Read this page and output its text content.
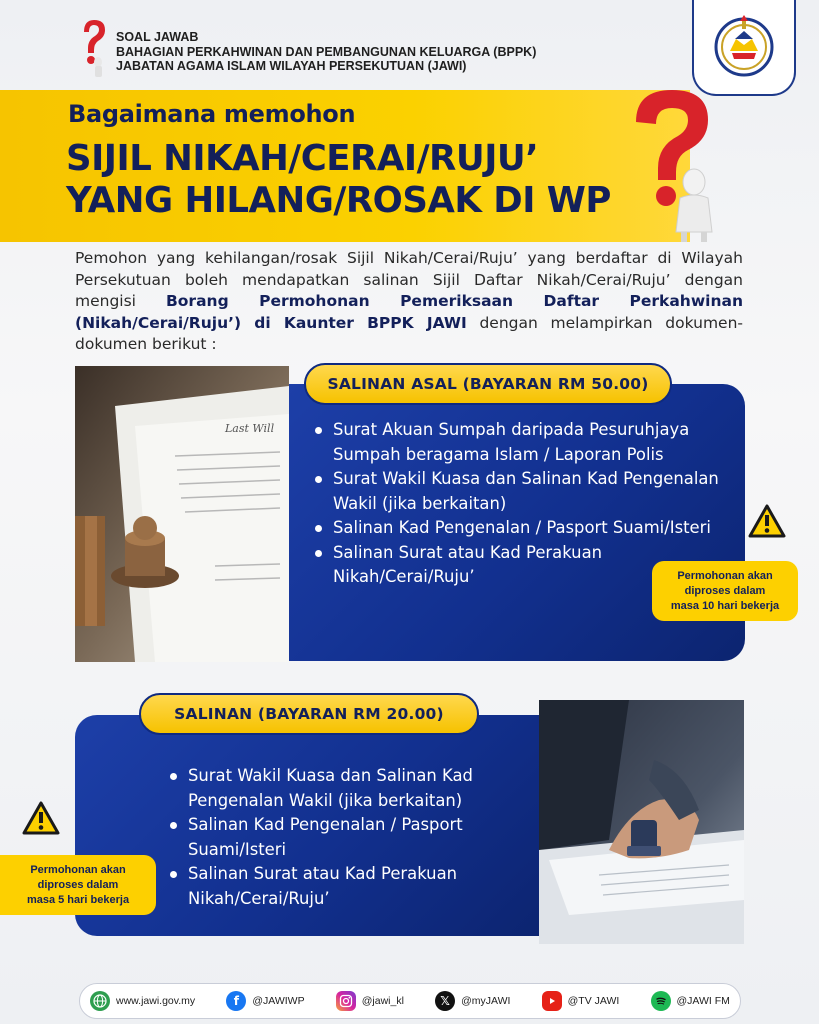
SOAL JAWAB
BAHAGIAN PERKAHWINAN DAN PEMBANGUNAN KELUARGA (BPPK)
JABATAN AGAMA ISLAM WILAYAH PERSEKUTUAN (JAWI)
Bagaimana memohon
SIJIL NIKAH/CERAI/RUJU’
YANG HILANG/ROSAK DI WP

Pemohon yang kehilangan/rosak Sijil Nikah/Cerai/Ruju’ yang berdaftar di Wilayah Persekutuan boleh mendapatkan salinan Sijil Daftar Nikah/Cerai/Ruju’ dengan mengisi Borang Permohonan Pemeriksaan Daftar Perkahwinan (Nikah/Cerai/Ruju’) di Kaunter BPPK JAWI dengan melampirkan dokumen-dokumen berikut :

Last Will
SALINAN ASAL (BAYARAN RM 50.00)
Surat Akuan Sumpah daripada Pesuruhjaya Sumpah beragama Islam / Laporan Polis
Surat Wakil Kuasa dan Salinan Kad Pengenalan Wakil (jika berkaitan)
Salinan Kad Pengenalan / Pasport Suami/Isteri
Salinan Surat atau Kad Perakuan Nikah/Cerai/Ruju’	Permohonan akan
diproses dalam
masa 10 hari bekerja
SALINAN (BAYARAN RM 20.00)
Surat Wakil Kuasa dan Salinan Kad Pengenalan Wakil (jika berkaitan)
Salinan Kad Pengenalan / Pasport Suami/Isteri
Salinan Surat atau Kad Perakuan Nikah/Cerai/Ruju’
Permohonan akan
diproses dalam
masa 5 hari bekerja
www.jawi.gov.my	f	@JAWIWP	@jawi_kl	𝕏	@myJAWI	@TV JAWI	@JAWI FM
